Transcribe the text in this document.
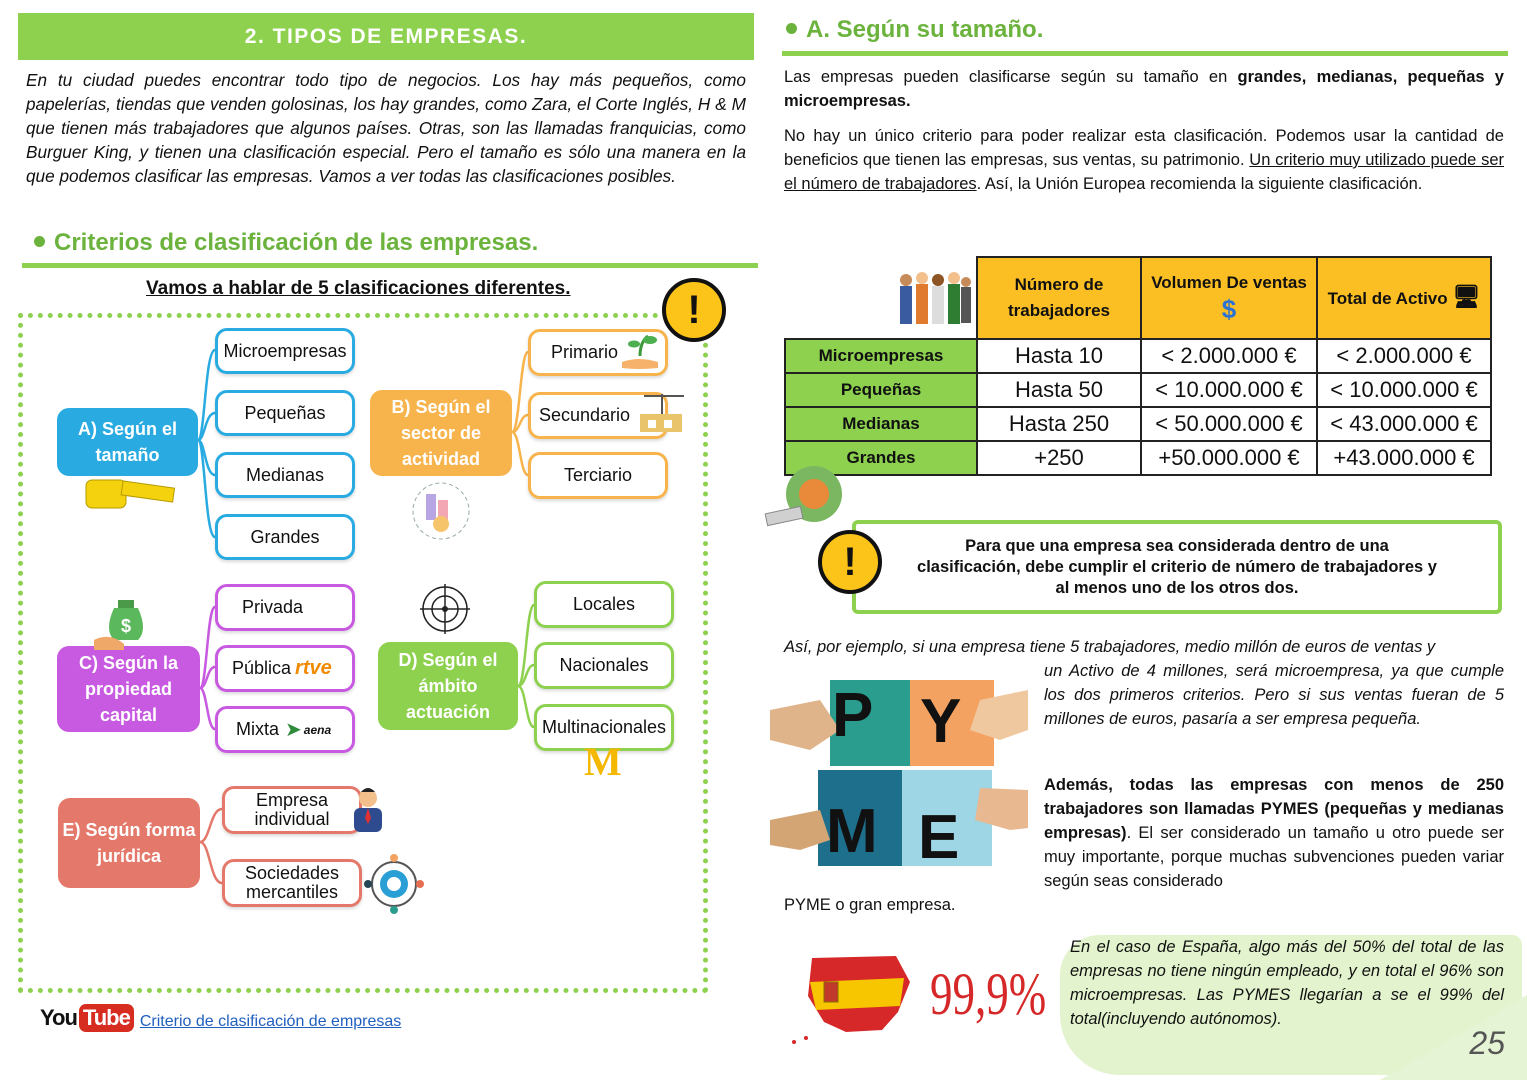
2. TIPOS DE EMPRESAS.
En tu ciudad puedes encontrar todo tipo de negocios. Los hay más pequeños, como papelerías, tiendas que venden golosinas, los hay grandes, como Zara, el Corte Inglés, H & M que tienen más trabajadores que algunos países. Otras, son las llamadas franquicias, como Burguer King, y tienen una clasificación especial. Pero el tamaño es sólo una manera en la que podemos clasificar las empresas. Vamos a ver todas las clasificaciones posibles.
Criterios de clasificación de las empresas.
Vamos a hablar de 5 clasificaciones diferentes.	!
A) Según el tamaño
Microempresas
Pequeñas
Medianas
Grandes
B) Según el sector de actividad
Primario
Secundario
Terciario
C) Según la propiedad capital
$
Privada
Pública rtve
Mixta ➤ aena
D) Según el ámbito actuación
Locales
Nacionales
Multinacionales
M
E) Según forma jurídica
Empresa individual
Sociedades mercantiles
You Tube Criterio de clasificación de empresas
A. Según su tamaño.
Las empresas pueden clasificarse según su tamaño en grandes, medianas, pequeñas y microempresas.
No hay un único criterio para poder realizar esta clasificación. Podemos usar la cantidad de beneficios que tienen las empresas, sus ventas, su patrimonio. Un criterio muy utilizado puede ser el número de trabajadores. Así, la Unión Europea recomienda la siguiente clasificación.
	Número de trabajadores	Volumen De ventas $	Total de Activo 🖥
Microempresas	Hasta 10	< 2.000.000 €	< 2.000.000 €
Pequeñas	Hasta 50	< 10.000.000 €	< 10.000.000 €
Medianas	Hasta 250	< 50.000.000 €	< 43.000.000 €
Grandes	+250	+50.000.000 €	+43.000.000 €
Para que una empresa sea considerada dentro de una clasificación, debe cumplir el criterio de número de trabajadores y al menos uno de los otros dos.
!
Así, por ejemplo, si una empresa tiene 5 trabajadores, medio millón de euros de ventas y
un Activo de 4 millones, será microempresa, ya que cumple los dos primeros criterios. Pero si sus ventas fueran de 5 millones de euros, pasaría a ser empresa pequeña.
P Y
M E
Además, todas las empresas con menos de 250 trabajadores son llamadas PYMES (pequeñas y medianas empresas). El ser considerado un tamaño u otro puede ser muy importante, porque muchas subvenciones pueden variar según seas considerado
PYME o gran empresa.
99,9%
En el caso de España, algo más del 50% del total de las empresas no tiene ningún empleado, y en total el 96% son microempresas. Las PYMES llegarían a se el 99% del total(incluyendo autónomos).
25
